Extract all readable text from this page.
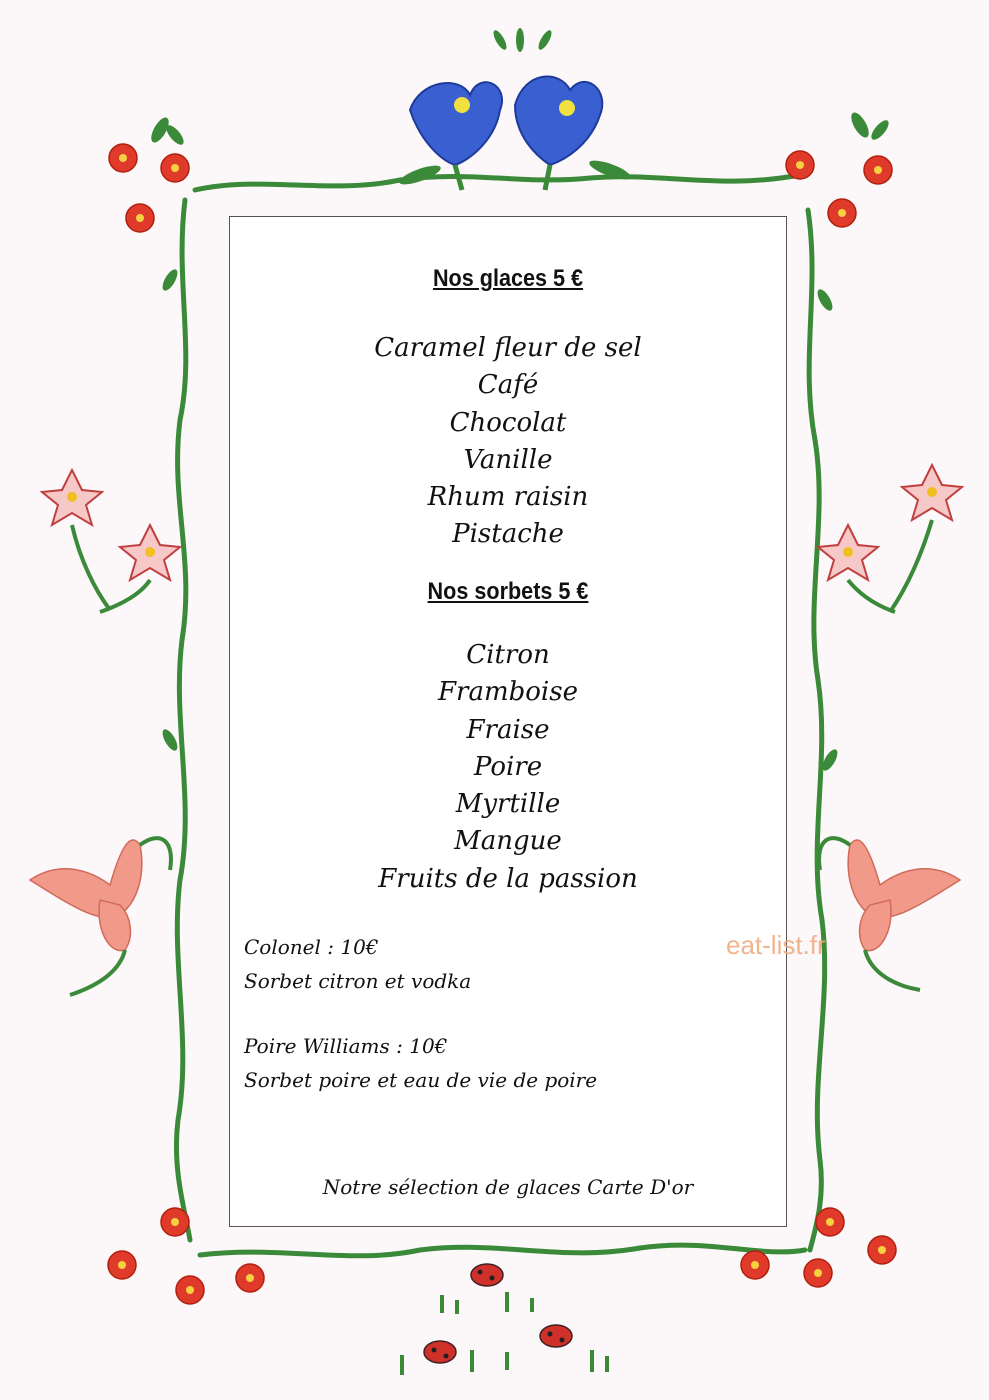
Nos glaces 5 €
Caramel fleur de sel
Café
Chocolat
Vanille
Rhum raisin
Pistache
Nos sorbets 5 €
Citron
Framboise
Fraise
Poire
Myrtille
Mangue
Fruits de la passion
Colonel : 10€
Sorbet citron et vodka
Poire Williams : 10€
Sorbet poire et eau de vie de poire
Notre sélection de glaces Carte D'or
eat-list.fr
